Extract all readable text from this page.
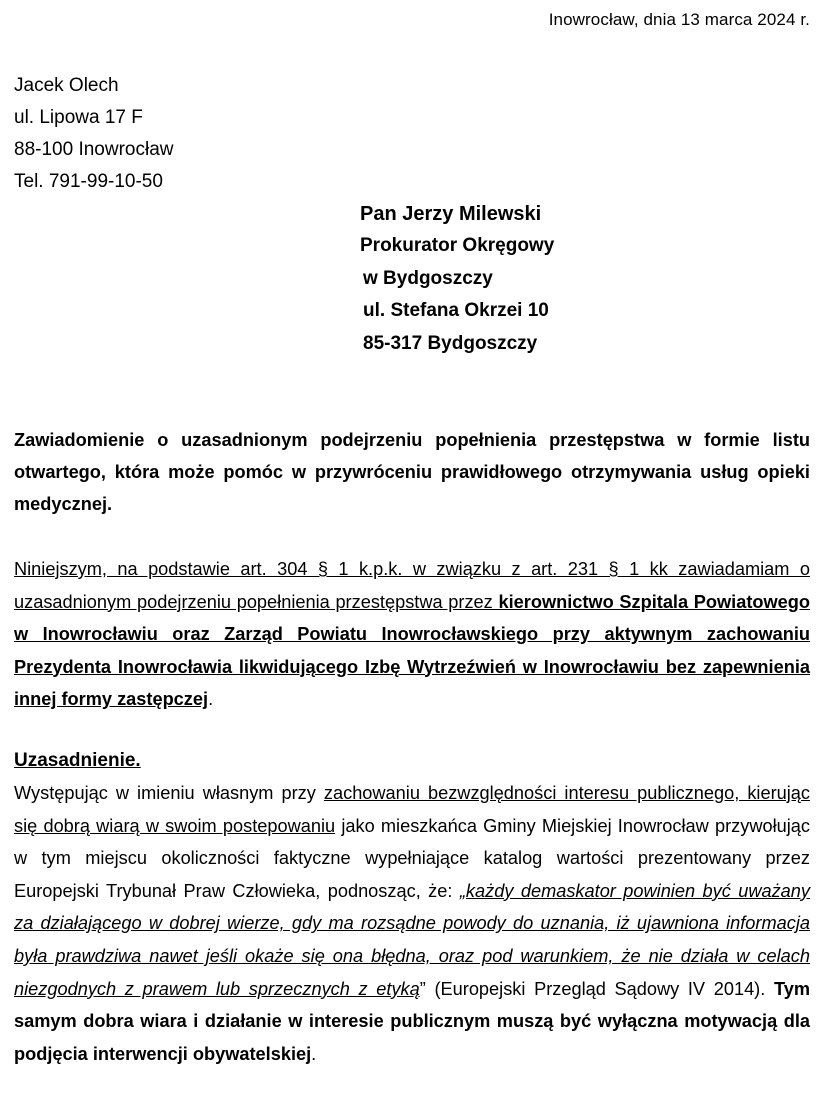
Inowrocław, dnia 13 marca 2024 r.
Jacek Olech
ul. Lipowa 17 F
88-100 Inowrocław
Tel. 791-99-10-50
Pan Jerzy Milewski
Prokurator Okręgowy
w Bydgoszczy
ul. Stefana Okrzei 10
85-317 Bydgoszczy
Zawiadomienie o uzasadnionym podejrzeniu popełnienia przestępstwa w formie listu otwartego, która może pomóc w przywróceniu prawidłowego otrzymywania usług opieki medycznej.
Niniejszym, na podstawie art. 304 § 1 k.p.k. w związku z art. 231 § 1 kk zawiadamiam o uzasadnionym podejrzeniu popełnienia przestępstwa przez kierownictwo Szpitala Powiatowego w Inowrocławiu oraz Zarząd Powiatu Inowrocławskiego przy aktywnym zachowaniu Prezydenta Inowrocławia likwidującego Izbę Wytrzeźwień w Inowrocławiu bez zapewnienia innej formy zastępczej.
Uzasadnienie.
Występując w imieniu własnym przy zachowaniu bezwzględności interesu publicznego, kierując się dobrą wiarą w swoim postepowaniu jako mieszkańca Gminy Miejskiej Inowrocław przywołując w tym miejscu okoliczności faktyczne wypełniające katalog wartości prezentowany przez Europejski Trybunał Praw Człowieka, podnosząc, że: „każdy demaskator powinien być uważany za działającego w dobrej wierze, gdy ma rozsądne powody do uznania, iż ujawniona informacja była prawdziwa nawet jeśli okaże się ona błędna, oraz pod warunkiem, że nie działa w celach niezgodnych z prawem lub sprzecznych z etyką” (Europejski Przegląd Sądowy IV 2014). Tym samym dobra wiara i działanie w interesie publicznym muszą być wyłączna motywacją dla podjęcia interwencji obywatelskiej.
